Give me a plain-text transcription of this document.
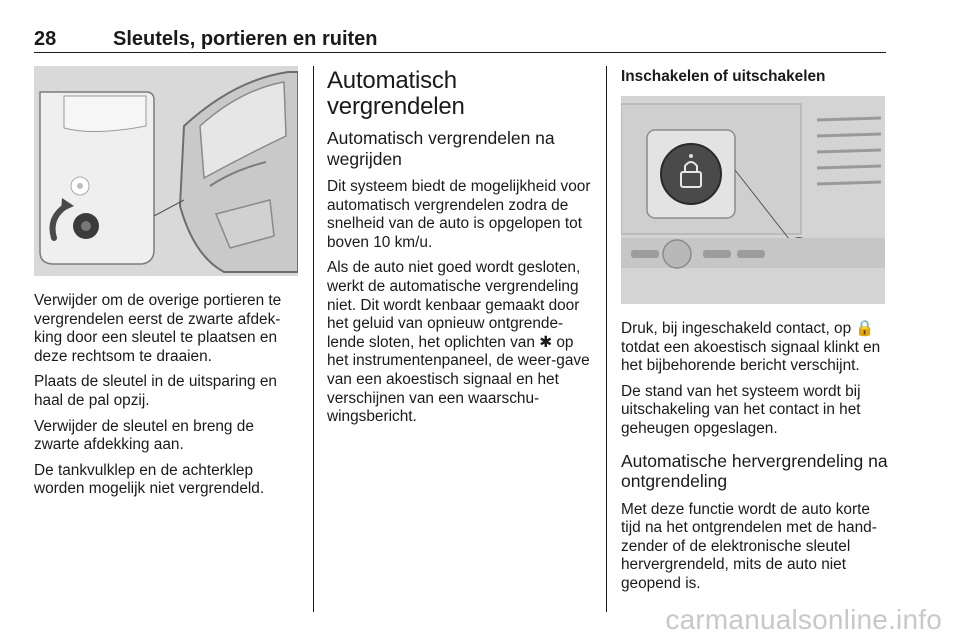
28	Sleutels, portieren en ruiten

Verwijder om de overige portieren te vergrendelen eerst de zwarte afdek-king door een sleutel te plaatsen en deze rechtsom te draaien.

Plaats de sleutel in de uitsparing en haal de pal opzij.

Verwijder de sleutel en breng de zwarte afdekking aan.

De tankvulklep en de achterklep worden mogelijk niet vergrendeld.

Automatisch vergrendelen
Automatisch vergrendelen na wegrijden

Dit systeem biedt de mogelijkheid voor automatisch vergrendelen zodra de snelheid van de auto is opgelopen tot boven 10 km/u.

Als de auto niet goed wordt gesloten, werkt de automatische vergrendeling niet. Dit wordt kenbaar gemaakt door het geluid van opnieuw ontgrende-lende sloten, het oplichten van ✱ op het instrumentenpaneel, de weer-gave van een akoestisch signaal en het verschijnen van een waarschu-wingsbericht.

Inschakelen of uitschakelen

Druk, bij ingeschakeld contact, op 🔒 totdat een akoestisch signaal klinkt en het bijbehorende bericht verschijnt.

De stand van het systeem wordt bij uitschakeling van het contact in het geheugen opgeslagen.

Automatische hervergrendeling na ontgrendeling

Met deze functie wordt de auto korte tijd na het ontgrendelen met de hand-zender of de elektronische sleutel hervergrendeld, mits de auto niet geopend is.

carmanualsonline.info
